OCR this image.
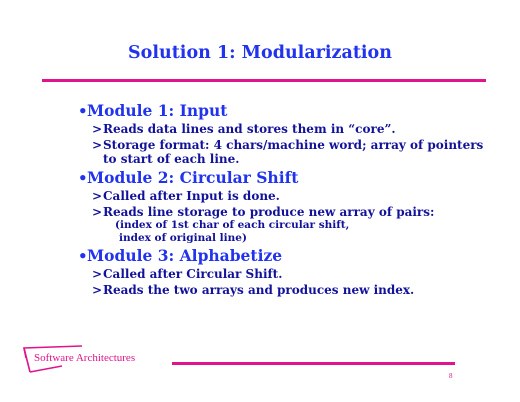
Solution 1: Modularization
• Module 1: Input
> Reads data lines and stores them in “core”.
> Storage format: 4 chars/machine word; array of pointers to start of each line.
• Module 2: Circular Shift
> Called after Input is done.
> Reads line storage to produce new array of pairs:
(index of 1st char of each circular shift,
index of original line)
• Module 3: Alphabetize
> Called after Circular Shift.
> Reads the two arrays and produces new index.
Software Architectures
8
